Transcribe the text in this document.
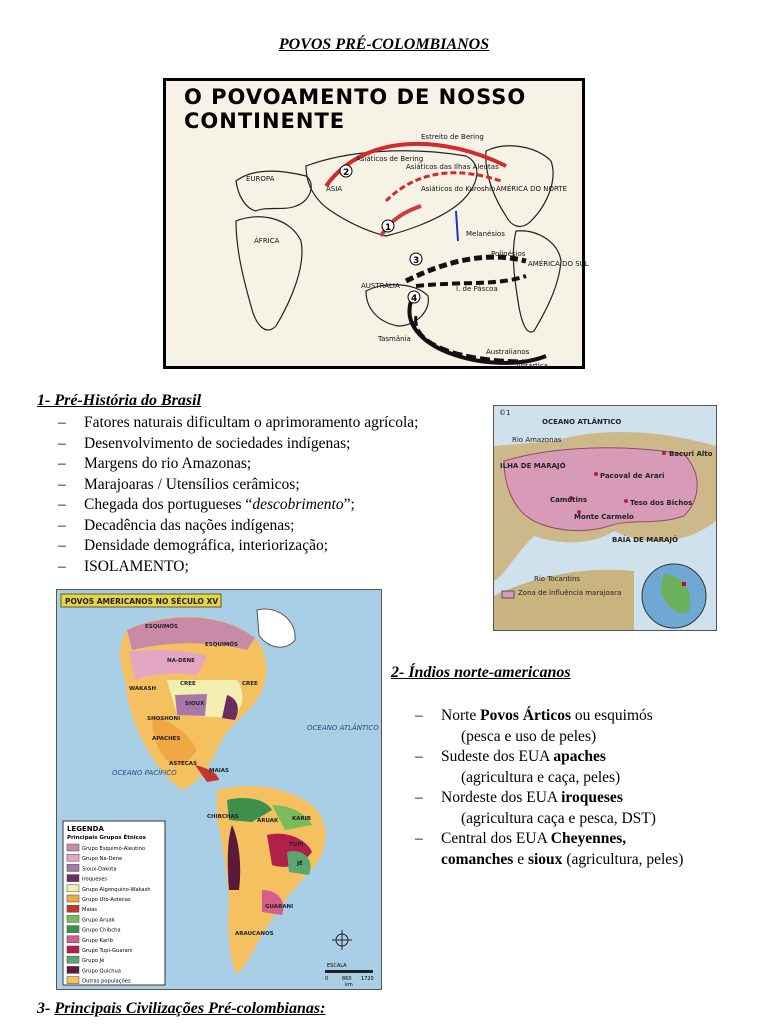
POVOS PRÉ-COLOMBIANOS
O POVOAMENTO DE NOSSO CONTINENTE
EUROPA
ÁSIA
ÁFRICA
AUSTRÁLIA
Tasmânia
AMÉRICA DO NORTE
AMÉRICA DO SUL
Estreito de Bering
Asiáticos de Bering
Asiáticos do Kuroshio
Asiáticos das Ilhas Aleutas
Melanésios
Polinésios
I. de Páscoa
Australianos
Antártica
2
1
3
4
1- Pré-História do Brasil
– Fatores naturais dificultam o aprimoramento agrícola;
– Desenvolvimento de sociedades indígenas;
– Margens do rio Amazonas;
– Marajoaras / Utensílios cerâmicos;
– Chegada dos portugueses “descobrimento”;
– Decadência das nações indígenas;
– Densidade demográfica, interiorização;
– ISOLAMENTO;
OCEANO ATLÂNTICO
©1
Rio Amazonas
ILHA DE MARAJÓ
Bacuri Alto
Pacoval de Arari
Camutins	Teso dos Bichos
Monte Carmelo
BAÍA DE MARAJÓ
Rio Tocantins
Zona de influência marajoara
POVOS AMERICANOS NO SÉCULO XV
ESQUIMÓS
ESQUIMÓS
NA-DENE
WAKASH
CREE	CREE
SIOUX
SHOSHONI
APACHES
ASTECAS
MAIAS
CHIBCHAS
ARUAK KARIB
TUPI
JÊ
GUARANI
ARAUCANOS
OCEANO ATLÂNTICO
OCEANO PACÍFICO
LEGENDA
Principais Grupos Étnicos
Grupo Esquimó-Aleutino
Grupo Na-Dene
Sioux-Dakota
Iroqueses
Grupo Algonquino-Wakash
Grupo Uto-Astecas
Maias
Grupo Aruak
Grupo Chibcha
Grupo Karib
Grupo Tupi-Guarani
Grupo Jê
Grupo Quíchua
Outras populações
ESCALA
0	860 1720
km
2- Índios norte-americanos
– Norte Povos Árticos ou esquimós
(pesca e uso de peles)
– Sudeste dos EUA apaches
(agricultura e caça, peles)
– Nordeste dos EUA iroqueses
(agricultura caça e pesca, DST)
– Central dos EUA Cheyennes,
comanches e sioux (agricultura, peles)
3- Principais Civilizações Pré-colombianas:
